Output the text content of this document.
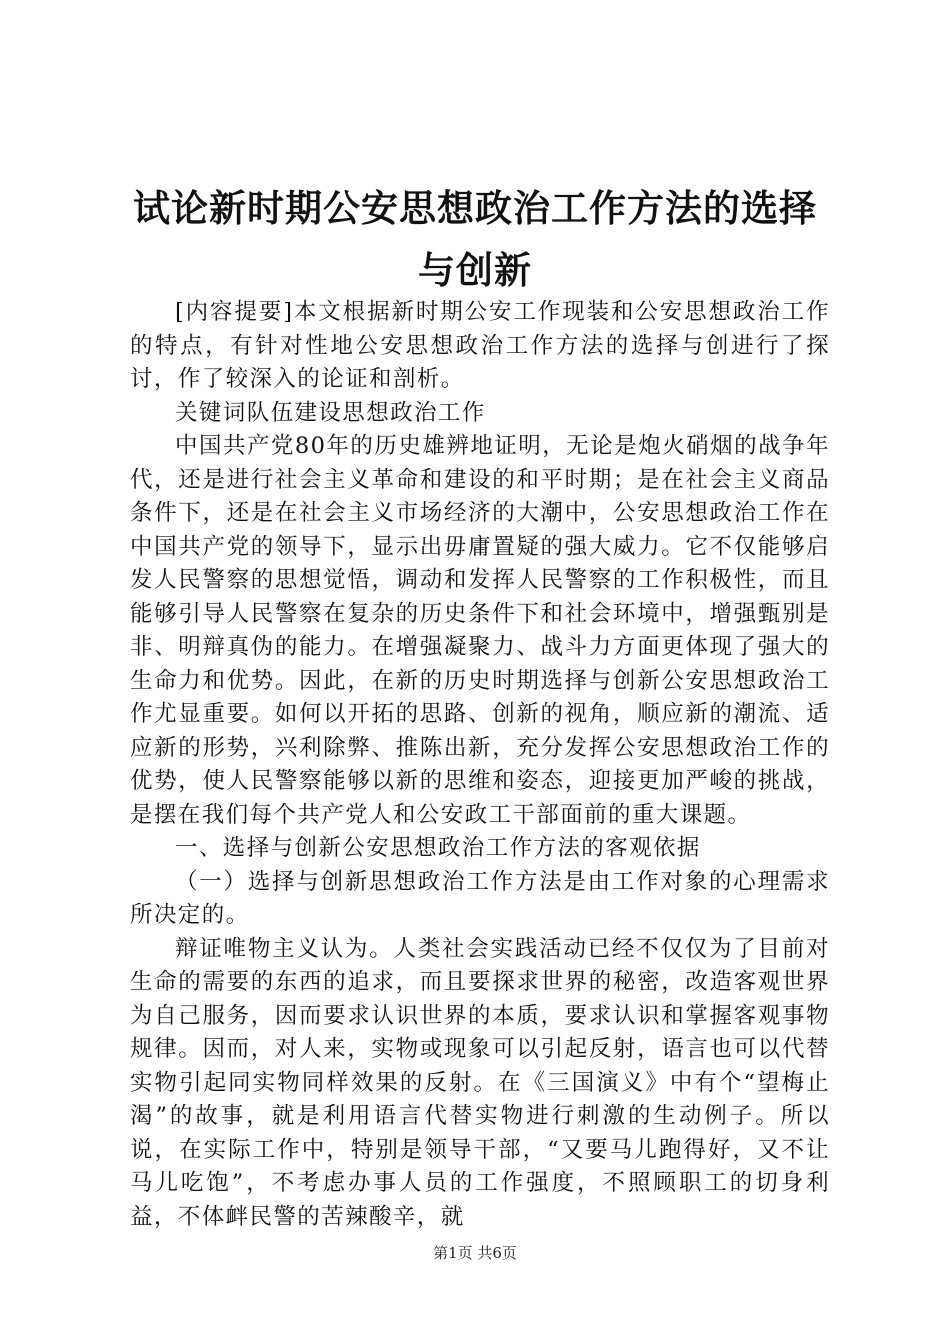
试论新时期公安思想政治工作方法的选择与创新

[内容提要]本文根据新时期公安工作现装和公安思想政治工作的特点，有针对性地公安思想政治工作方法的选择与创进行了探讨，作了较深入的论证和剖析。

关键词队伍建设思想政治工作

中国共产党80年的历史雄辨地证明，无论是炮火硝烟的战争年代，还是进行社会主义革命和建设的和平时期；是在社会主义商品条件下，还是在社会主义市场经济的大潮中，公安思想政治工作在中国共产党的领导下，显示出毋庸置疑的强大威力。它不仅能够启发人民警察的思想觉悟，调动和发挥人民警察的工作积极性，而且能够引导人民警察在复杂的历史条件下和社会环境中，增强甄别是非、明辩真伪的能力。在增强凝聚力、战斗力方面更体现了强大的生命力和优势。因此，在新的历史时期选择与创新公安思想政治工作尤显重要。如何以开拓的思路、创新的视角，顺应新的潮流、适应新的形势，兴利除弊、推陈出新，充分发挥公安思想政治工作的优势，使人民警察能够以新的思维和姿态，迎接更加严峻的挑战，是摆在我们每个共产党人和公安政工干部面前的重大课题。

一、选择与创新公安思想政治工作方法的客观依据

（一）选择与创新思想政治工作方法是由工作对象的心理需求所决定的。

辩证唯物主义认为。人类社会实践活动已经不仅仅为了目前对生命的需要的东西的追求，而且要探求世界的秘密，改造客观世界为自己服务，因而要求认识世界的本质，要求认识和掌握客观事物规律。因而，对人来，实物或现象可以引起反射，语言也可以代替实物引起同实物同样效果的反射。在《三国演义》中有个“望梅止渴”的故事，就是利用语言代替实物进行刺激的生动例子。所以说，在实际工作中，特别是领导干部，“又要马儿跑得好，又不让马儿吃饱”，不考虑办事人员的工作强度，不照顾职工的切身利益，不体衅民警的苦辣酸辛，就

第1页 共6页
